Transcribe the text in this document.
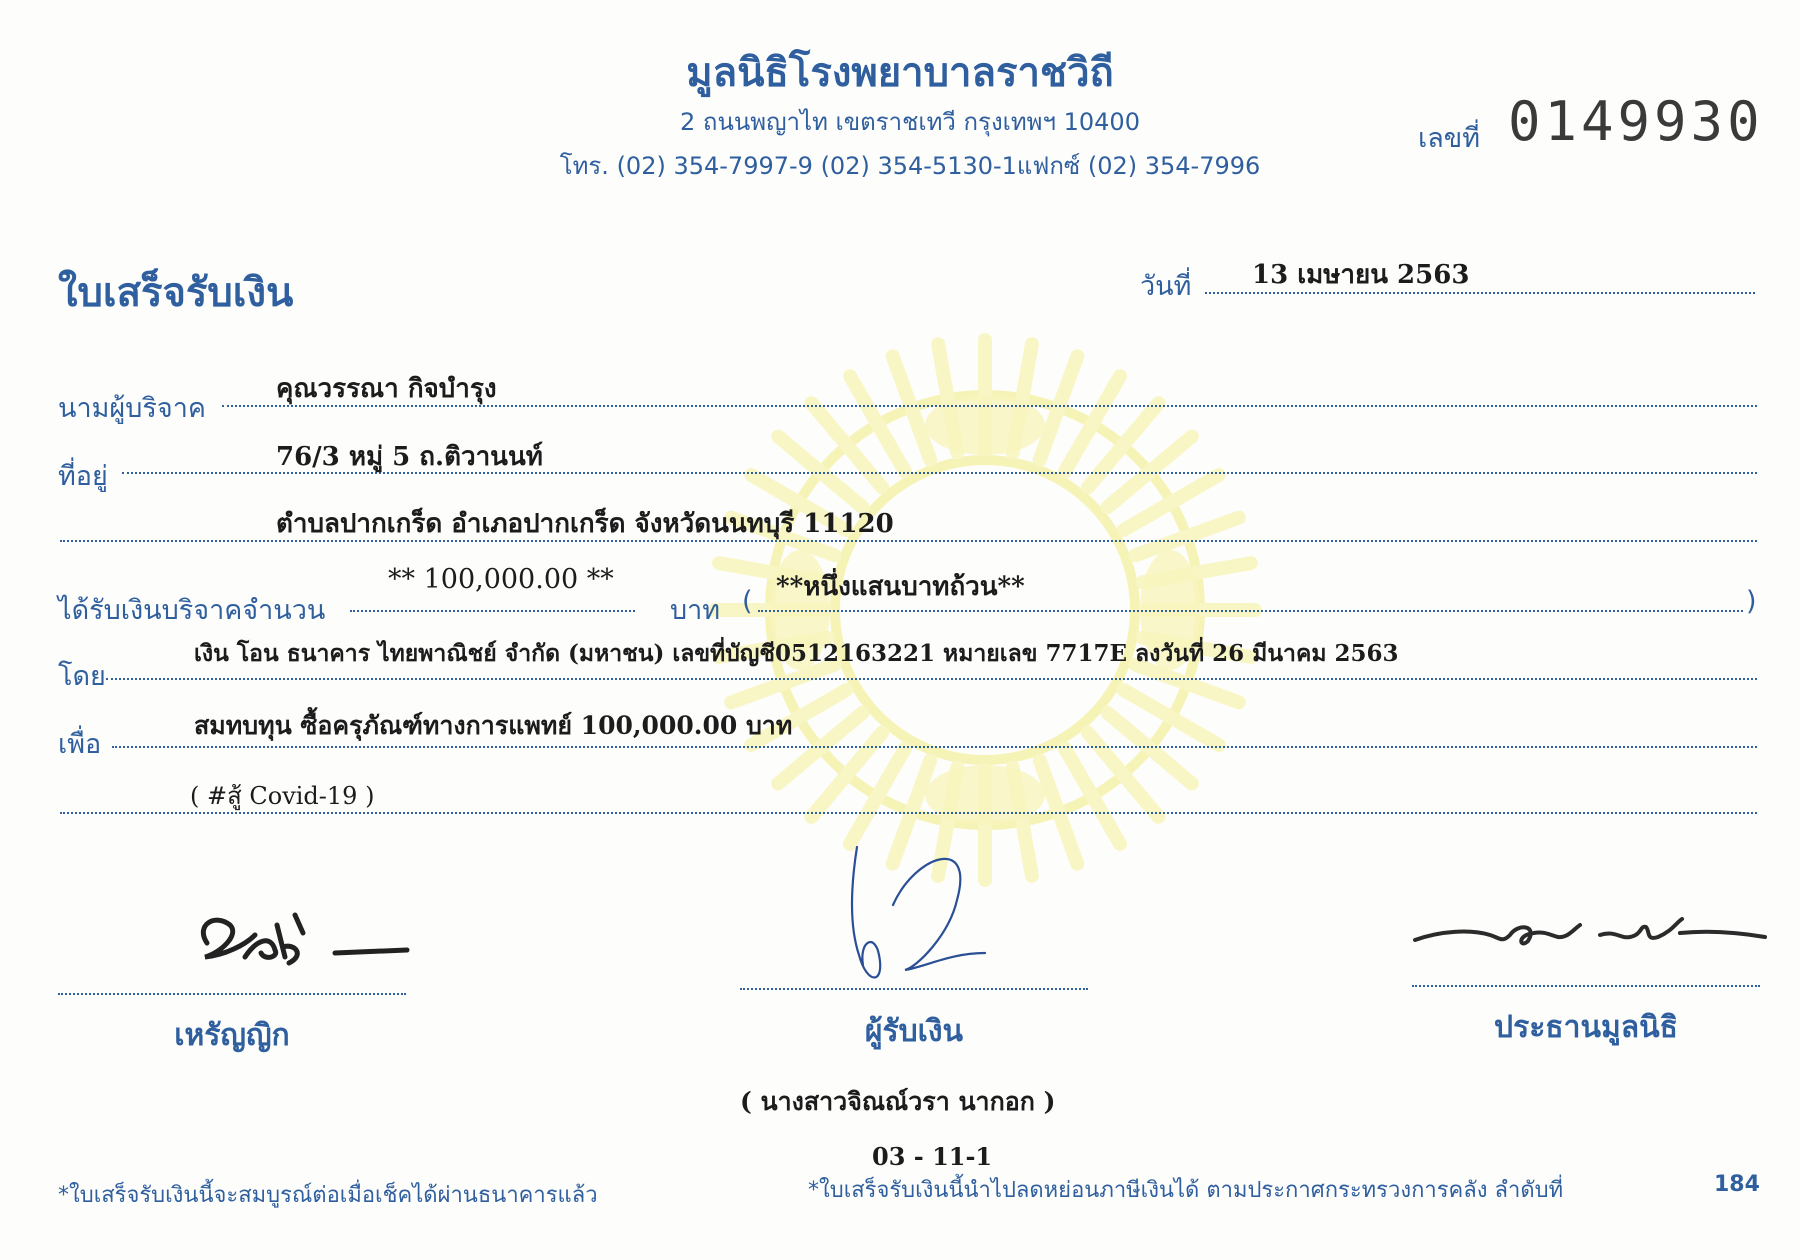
มูลนิธิโรงพยาบาลราชวิถี
2 ถนนพญาไท เขตราชเทวี กรุงเทพฯ 10400
โทร. (02) 354-7997-9 (02) 354-5130-1แฟกซ์ (02) 354-7996
เลขที่ 0149930
ใบเสร็จรับเงิน	วันที่ 13 เมษายน 2563
นามผู้บริจาค
คุณวรรณา กิจบำรุง
ที่อยู่
76/3 หมู่ 5 ถ.ติวานนท์
ตำบลปากเกร็ด อำเภอปากเกร็ด จังหวัดนนทบุรี 11120
ได้รับเงินบริจาคจำนวน
** 100,000.00 **
บาท ( **หนึ่งแสนบาทถ้วน**	)
โดย
เงิน โอน ธนาคาร ไทยพาณิชย์ จำกัด (มหาชน) เลขที่บัญชี0512163221 หมายเลข 7717E ลงวันที่ 26 มีนาคม 2563
เพื่อ
สมทบทุน ซื้อครุภัณฑ์ทางการแพทย์ 100,000.00 บาท
( #สู้ Covid-19 )
เหรัญญิก	ผู้รับเงิน	ประธานมูลนิธิ
( นางสาวจิณณ์วรา นากอก )
03 - 11-1
*ใบเสร็จรับเงินนี้จะสมบูรณ์ต่อเมื่อเช็คได้ผ่านธนาคารแล้ว	*ใบเสร็จรับเงินนี้นำไปลดหย่อนภาษีเงินได้ ตามประกาศกระทรวงการคลัง ลำดับที่	184
